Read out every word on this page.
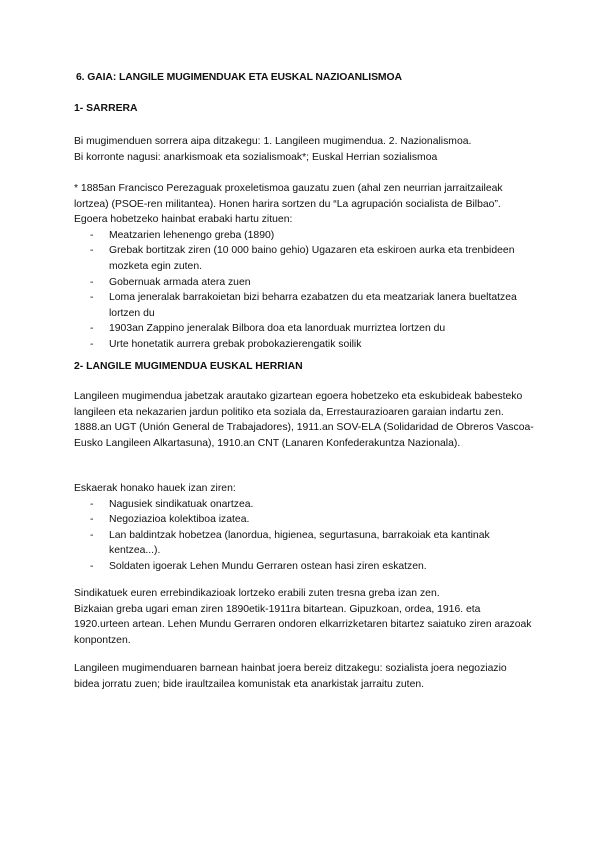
6. GAIA: LANGILE MUGIMENDUAK ETA EUSKAL NAZIOANLISMOA
1- SARRERA

Bi mugimenduen sorrera aipa ditzakegu: 1. Langileen mugimendua. 2. Nazionalismoa.

Bi korronte nagusi: anarkismoak eta sozialismoak*; Euskal Herrian sozialismoa

* 1885an Francisco Perezaguak proxeletismoa gauzatu zuen (ahal zen neurrian jarraitzaileak lortzea) (PSOE-ren militantea). Honen harira sortzen du “La agrupación socialista de Bilbao”. Egoera hobetzeko hainbat erabaki hartu zituen:

- Meatzarien lehenengo greba (1890)
- Grebak bortitzak ziren (10 000 baino gehio) Ugazaren eta eskiroen aurka eta trenbideen mozketa egin zuten.
- Gobernuak armada atera zuen
- Loma jeneralak barrakoietan bizi beharra ezabatzen du eta meatzariak lanera bueltatzea lortzen du
- 1903an Zappino jeneralak Bilbora doa eta lanorduak murriztea lortzen du
- Urte honetatik aurrera grebak probokazierengatik soilik
2- LANGILE MUGIMENDUA EUSKAL HERRIAN

Langileen mugimendua jabetzak arautako gizartean egoera hobetzeko eta eskubideak babesteko langileen eta nekazarien jardun politiko eta soziala da, Errestaurazioaren garaian indartu zen.

1888.an UGT (Unión General de Trabajadores), 1911.an SOV-ELA (Solidaridad de Obreros Vascoa-Eusko Langileen Alkartasuna), 1910.an CNT (Lanaren Konfederakuntza Nazionala).

Eskaerak honako hauek izan ziren:

- Nagusiek sindikatuak onartzea.
- Negoziazioa kolektiboa izatea.
- Lan baldintzak hobetzea (lanordua, higienea, segurtasuna, barrakoiak eta kantinak kentzea...).
- Soldaten igoerak Lehen Mundu Gerraren ostean hasi ziren eskatzen.

Sindikatuek euren errebindikazioak lortzeko erabili zuten tresna greba izan zen.

Bizkaian greba ugari eman ziren 1890etik-1911ra bitartean. Gipuzkoan, ordea, 1916. eta 1920.urteen artean. Lehen Mundu Gerraren ondoren elkarrizketaren bitartez saiatuko ziren arazoak konpontzen.

Langileen mugimenduaren barnean hainbat joera bereiz ditzakegu: sozialista joera negoziazio bidea jorratu zuen; bide iraultzailea komunistak eta anarkistak jarraitu zuten.
